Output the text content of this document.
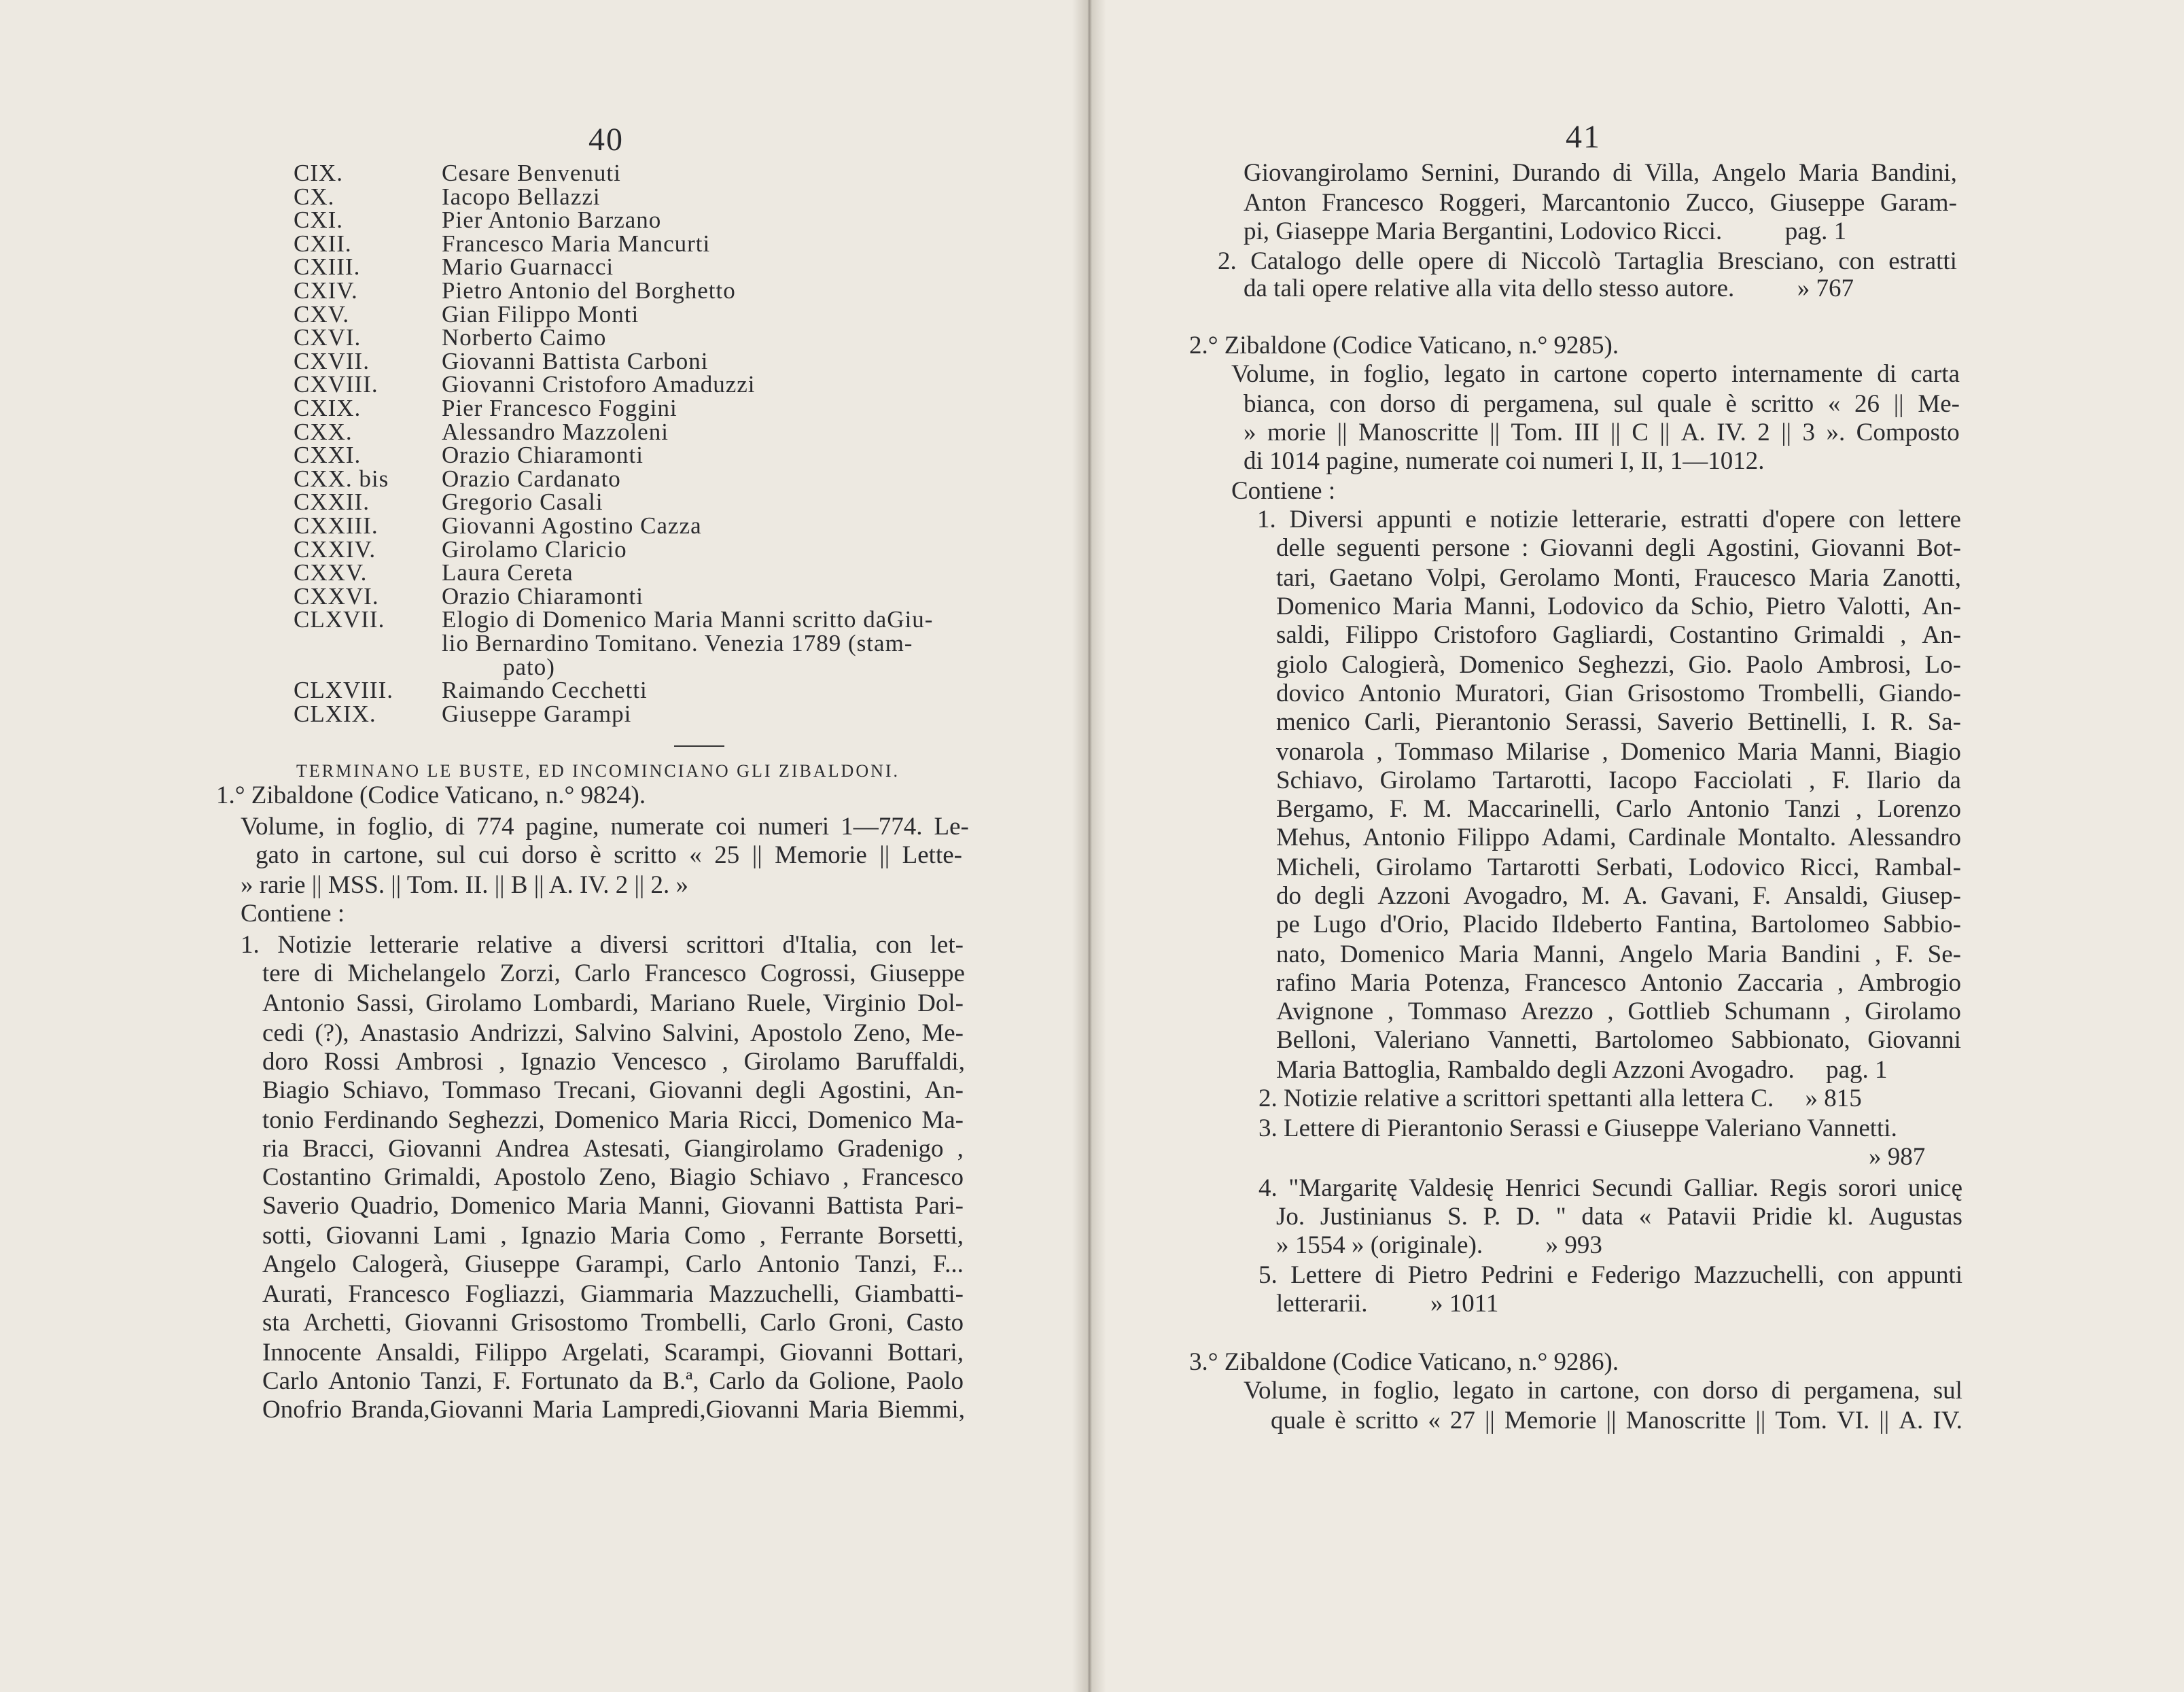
40
CIX.	Cesare Benvenuti
CX.	Iacopo Bellazzi
CXI.	Pier Antonio Barzano
CXII.	Francesco Maria Mancurti
CXIII.	Mario Guarnacci
CXIV.	Pietro Antonio del Borghetto
CXV.	Gian Filippo Monti
CXVI.	Norberto Caimo
CXVII.	Giovanni Battista Carboni
CXVIII.	Giovanni Cristoforo Amaduzzi
CXIX.	Pier Francesco Foggini
CXX.	Alessandro Mazzoleni
CXXI.	Orazio Chiaramonti
CXX. bis Orazio Cardanato
CXXII.	Gregorio Casali
CXXIII.	Giovanni Agostino Cazza
CXXIV.	Girolamo Claricio
CXXV.	Laura Cereta
CXXVI.	Orazio Chiaramonti
CLXVII. Elogio di Domenico Maria Manni scritto daGiu-
lio Bernardino Tomitano. Venezia 1789 (stam-
pato)
CLXVIII. Raimando Cecchetti
CLXIX.	Giuseppe Garampi
TERMINANO LE BUSTE, ED INCOMINCIANO GLI ZIBALDONI.
1.° Zibaldone (Codice Vaticano, n.° 9824).
Volume, in foglio, di 774 pagine, numerate coi numeri 1—774. Le-
gato in cartone, sul cui dorso è scritto « 25 || Memorie || Lette-
» rarie || MSS. || Tom. II. || B || A. IV. 2 || 2. »
Contiene :
1. Notizie letterarie relative a diversi scrittori d'Italia, con let-
tere di Michelangelo Zorzi, Carlo Francesco Cogrossi, Giuseppe
Antonio Sassi, Girolamo Lombardi, Mariano Ruele, Virginio Dol-
cedi (?), Anastasio Andrizzi, Salvino Salvini, Apostolo Zeno, Me-
doro Rossi Ambrosi , Ignazio Vencesco , Girolamo Baruffaldi,
Biagio Schiavo, Tommaso Trecani, Giovanni degli Agostini, An-
tonio Ferdinando Seghezzi, Domenico Maria Ricci, Domenico Ma-
ria Bracci, Giovanni Andrea Astesati, Giangirolamo Gradenigo ,
Costantino Grimaldi, Apostolo Zeno, Biagio Schiavo , Francesco
Saverio Quadrio, Domenico Maria Manni, Giovanni Battista Pari-
sotti, Giovanni Lami , Ignazio Maria Como , Ferrante Borsetti,
Angelo Calogerà, Giuseppe Garampi, Carlo Antonio Tanzi, F...
Aurati, Francesco Fogliazzi, Giammaria Mazzuchelli, Giambatti-
sta Archetti, Giovanni Grisostomo Trombelli, Carlo Groni, Casto
Innocente Ansaldi, Filippo Argelati, Scarampi, Giovanni Bottari,
Carlo Antonio Tanzi, F. Fortunato da B.ª, Carlo da Golione, Paolo
Onofrio Branda,Giovanni Maria Lampredi,Giovanni Maria Biemmi,
41
Giovangirolamo Sernini, Durando di Villa, Angelo Maria Bandini,
Anton Francesco Roggeri, Marcantonio Zucco, Giuseppe Garam-
pi, Giaseppe Maria Bergantini, Lodovico Ricci.          pag. 1
2. Catalogo delle opere di Niccolò Tartaglia Bresciano, con estratti
da tali opere relative alla vita dello stesso autore.          » 767
2.° Zibaldone (Codice Vaticano, n.° 9285).
Volume, in foglio, legato in cartone coperto internamente di carta
bianca, con dorso di pergamena, sul quale è scritto « 26 || Me-
» morie || Manoscritte || Tom. III || C || A. IV. 2 || 3 ». Composto
di 1014 pagine, numerate coi numeri I, II, 1—1012.
Contiene :
1. Diversi appunti e notizie letterarie, estratti d'opere con lettere
delle seguenti persone : Giovanni degli Agostini, Giovanni Bot-
tari, Gaetano Volpi, Gerolamo Monti, Fraucesco Maria Zanotti,
Domenico Maria Manni, Lodovico da Schio, Pietro Valotti, An-
saldi, Filippo Cristoforo Gagliardi, Costantino Grimaldi , An-
giolo Calogierà, Domenico Seghezzi, Gio. Paolo Ambrosi, Lo-
dovico Antonio Muratori, Gian Grisostomo Trombelli, Giando-
menico Carli, Pierantonio Serassi, Saverio Bettinelli, I. R. Sa-
vonarola , Tommaso Milarise , Domenico Maria Manni, Biagio
Schiavo, Girolamo Tartarotti, Iacopo Facciolati , F. Ilario da
Bergamo, F. M. Maccarinelli, Carlo Antonio Tanzi , Lorenzo
Mehus, Antonio Filippo Adami, Cardinale Montalto. Alessandro
Micheli, Girolamo Tartarotti Serbati, Lodovico Ricci, Rambal-
do degli Azzoni Avogadro, M. A. Gavani, F. Ansaldi, Giusep-
pe Lugo d'Orio, Placido Ildeberto Fantina, Bartolomeo Sabbio-
nato, Domenico Maria Manni, Angelo Maria Bandini , F. Se-
rafino Maria Potenza, Francesco Antonio Zaccaria , Ambrogio
Avignone , Tommaso Arezzo , Gottlieb Schumann , Girolamo
Belloni, Valeriano Vannetti, Bartolomeo Sabbionato, Giovanni
Maria Battoglia, Rambaldo degli Azzoni Avogadro.     pag. 1
2. Notizie relative a scrittori spettanti alla lettera C.     » 815
3. Lettere di Pierantonio Serassi e Giuseppe Valeriano Vannetti.
» 987
4. "Margaritę Valdesię Henrici Secundi Galliar. Regis sorori unicę
Jo. Justinianus S. P. D. " data « Patavii Pridie kl. Augustas
» 1554 » (originale).          » 993
5. Lettere di Pietro Pedrini e Federigo Mazzuchelli, con appunti
letterarii.          » 1011
3.° Zibaldone (Codice Vaticano, n.° 9286).
Volume, in foglio, legato in cartone, con dorso di pergamena, sul
quale è scritto « 27 || Memorie || Manoscritte || Tom. VI. || A. IV.
